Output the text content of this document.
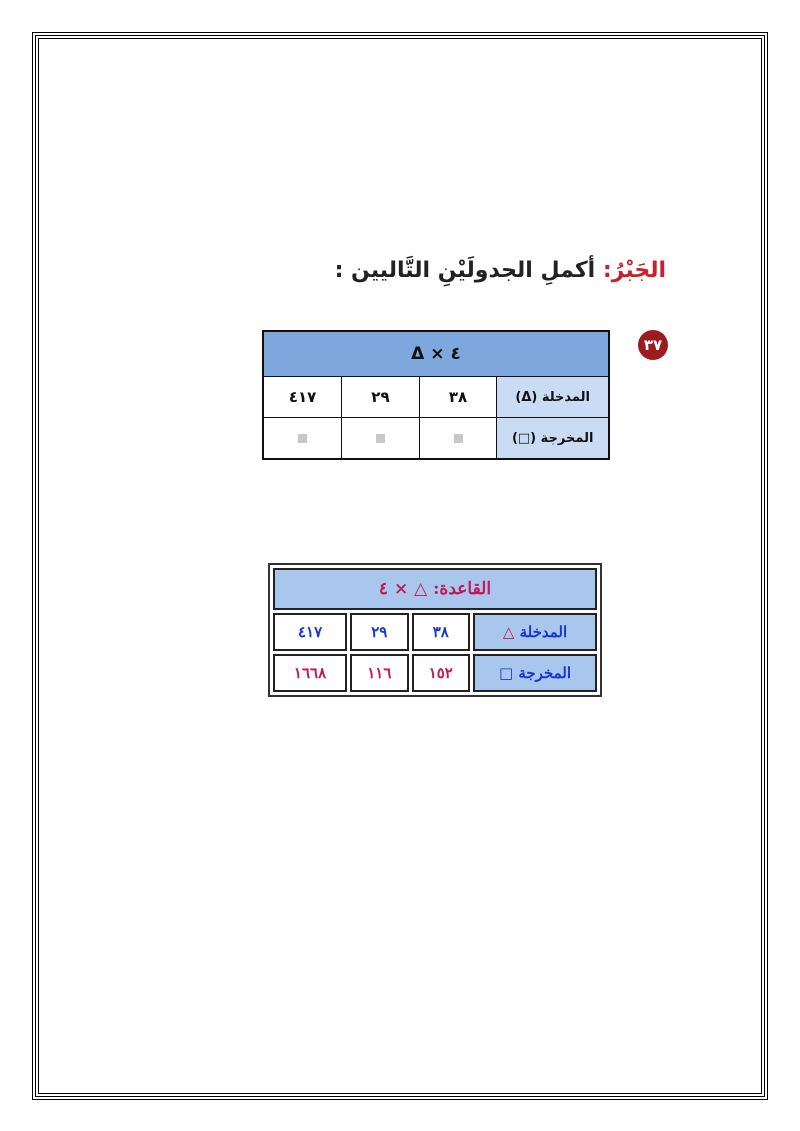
الجَبْرُ: أكملِ الجدولَيْنِ التَّاليين :
٣٧
٤ × Δ			
المدخلة (Δ)	٣٨	٢٩	٤١٧
المخرجة (□)			
القاعدة: △ × ٤			
المدخلة △	٣٨	٢٩	٤١٧
المخرجة □	١٥٢	١١٦	١٦٦٨
